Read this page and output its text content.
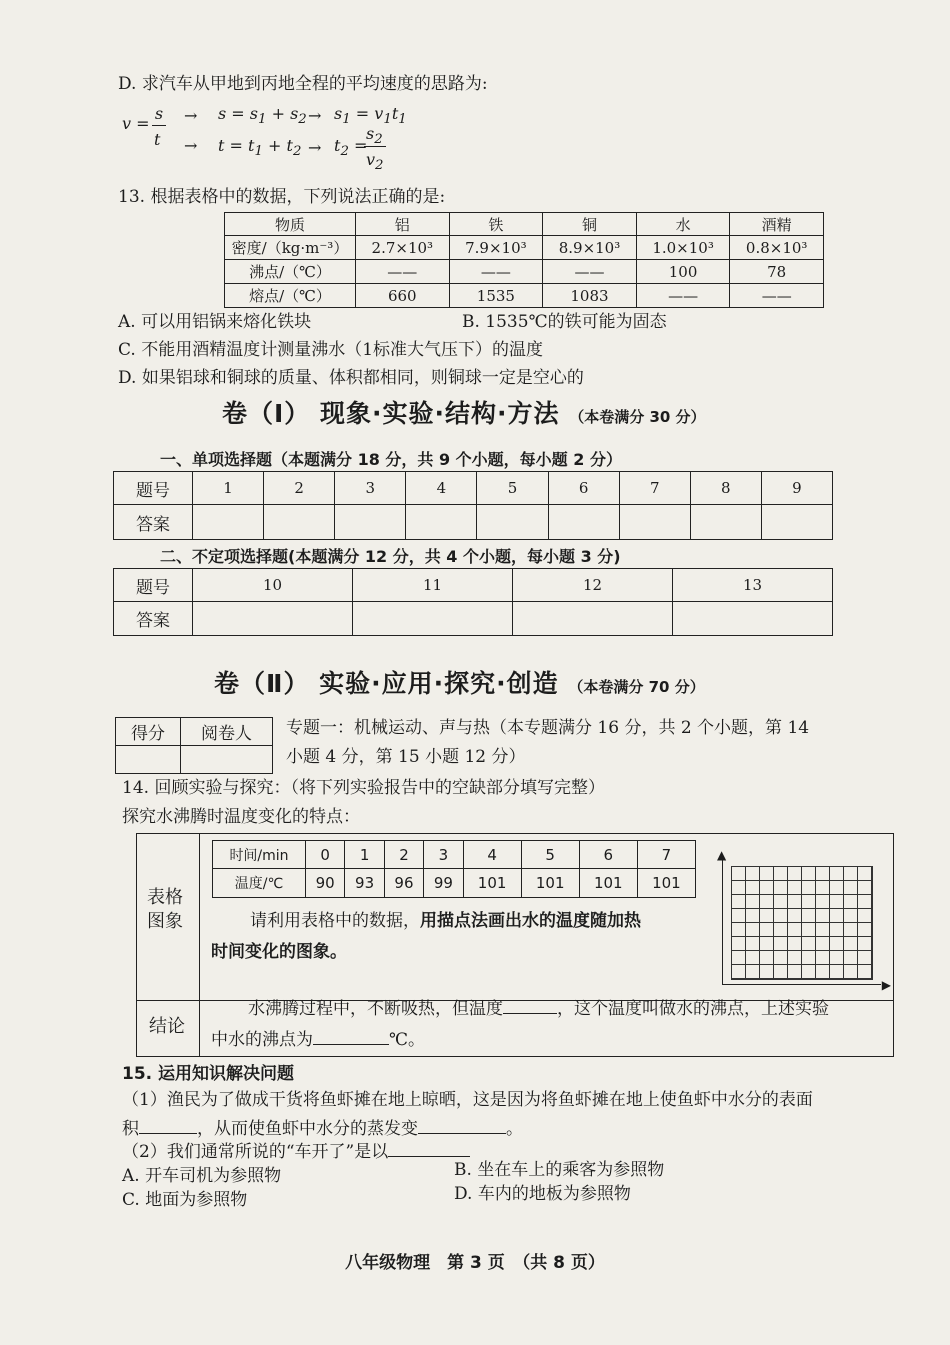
D. 求汽车从甲地到丙地全程的平均速度的思路为:
v =
s
t
→ $s = s_1 + s_2 \to s_1 = v_1t_1$
→ $t = t_1 + t_2 \to t_2$ =
$s_2$
$v_2$
13. 根据表格中的数据，下列说法正确的是:
物质	铝	铁	铜	水	酒精
密度/（kg·m⁻³）	2.7×10³	7.9×10³	8.9×10³	1.0×10³	0.8×10³
沸点/（℃）	——	——	——	100	78
熔点/（℃）	660	1535	1083	——	——
A. 可以用铝锅来熔化铁块	B. 1535℃的铁可能为固态
C. 不能用酒精温度计测量沸水（1标准大气压下）的温度
D. 如果铝球和铜球的质量、体积都相同，则铜球一定是空心的
卷（Ⅰ） 现象·实验·结构·方法 （本卷满分 30 分）
一、单项选择题（本题满分 18 分，共 9 个小题，每小题 2 分）
题号	1	2	3	4	5	6	7	8	9
答案									
二、不定项选择题(本题满分 12 分，共 4 个小题，每小题 3 分)
题号	10	11	12	13
答案				
卷（Ⅱ） 实验·应用·探究·创造 （本卷满分 70 分）
得分	阅卷人
	专题一：机械运动、声与热（本专题满分 16 分，共 2 个小题，第 14
小题 4 分，第 15 小题 12 分）
14. 回顾实验与探究：（将下列实验报告中的空缺部分填写完整）
探究水沸腾时温度变化的特点：
表格图象
结论
时间/min	0	1	2	3	4	5	6	7
温度/℃	90	93	96	99	101	101	101	101
请利用表格中的数据，用描点法画出水的温度随加热
时间变化的图象。
▲
▶
水沸腾过程中，不断吸热，但温度	，这个温度叫做水的沸点，上述实验
中水的沸点为	℃。
15. 运用知识解决问题
（1）渔民为了做成干货将鱼虾摊在地上晾晒，这是因为将鱼虾摊在地上使鱼虾中水分的表面
积	，从而使鱼虾中水分的蒸发变	。
（2）我们通常所说的“车开了”是以
A. 开车司机为参照物	B. 坐在车上的乘客为参照物
C. 地面为参照物	D. 车内的地板为参照物
八年级物理　第 3 页　（共 8 页）
